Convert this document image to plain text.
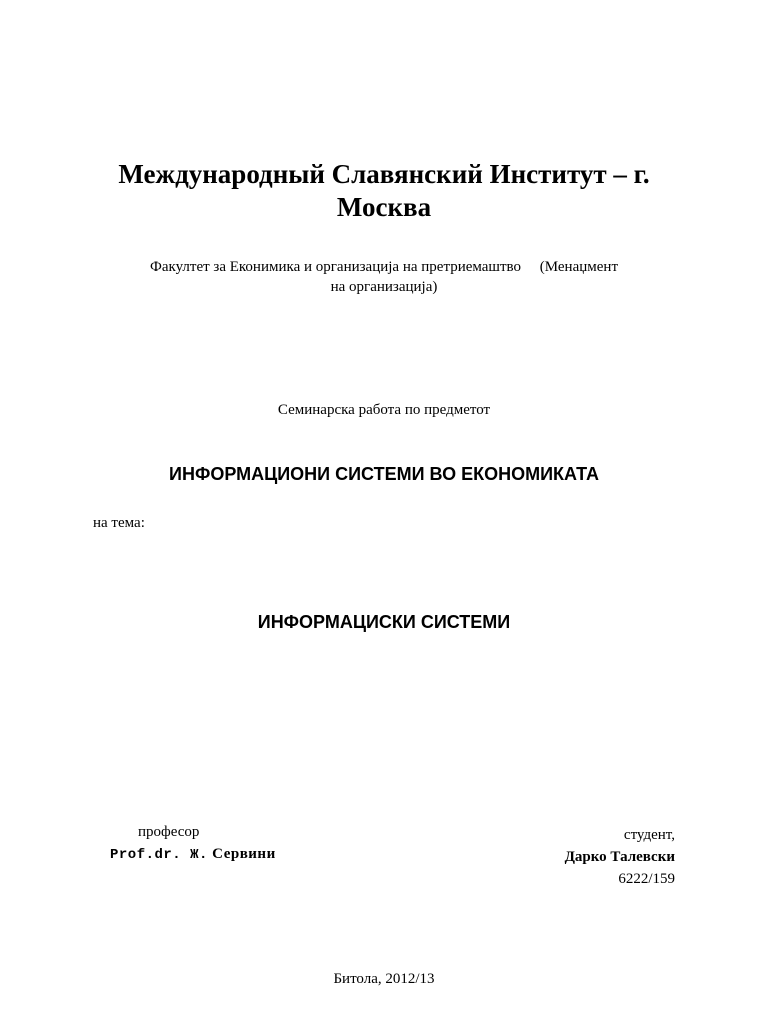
Международный Славянский Институт – г.
Москва
Факултет за Еконимика и организација на претриемаштво     (Менаџмент
на организација)
Семинарска работа по предметот
ИНФОРМАЦИОНИ СИСТЕМИ ВО ЕКОНОМИКАТА
на тема:
ИНФОРМАЦИСКИ СИСТЕМИ
професор
Prof.dr. Ж. Сервини
студент,
Дарко Талевски
6222/159
Битола, 2012/13
